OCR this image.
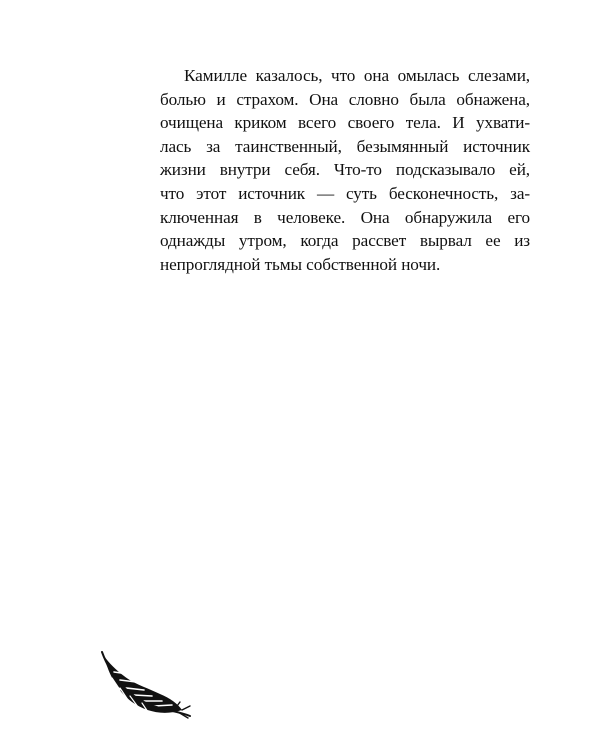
Камилле казалось, что она омылась слезами,
болью и страхом. Она словно была обнажена,
очищена криком всего своего тела. И ухвати-
лась за таинственный, безымянный источник
жизни внутри себя. Что-то подсказывало ей,
что этот источник — суть бесконечность, за-
ключенная в человеке. Она обнаружила его
однажды утром, когда рассвет вырвал ее из
непроглядной тьмы собственной ночи.
